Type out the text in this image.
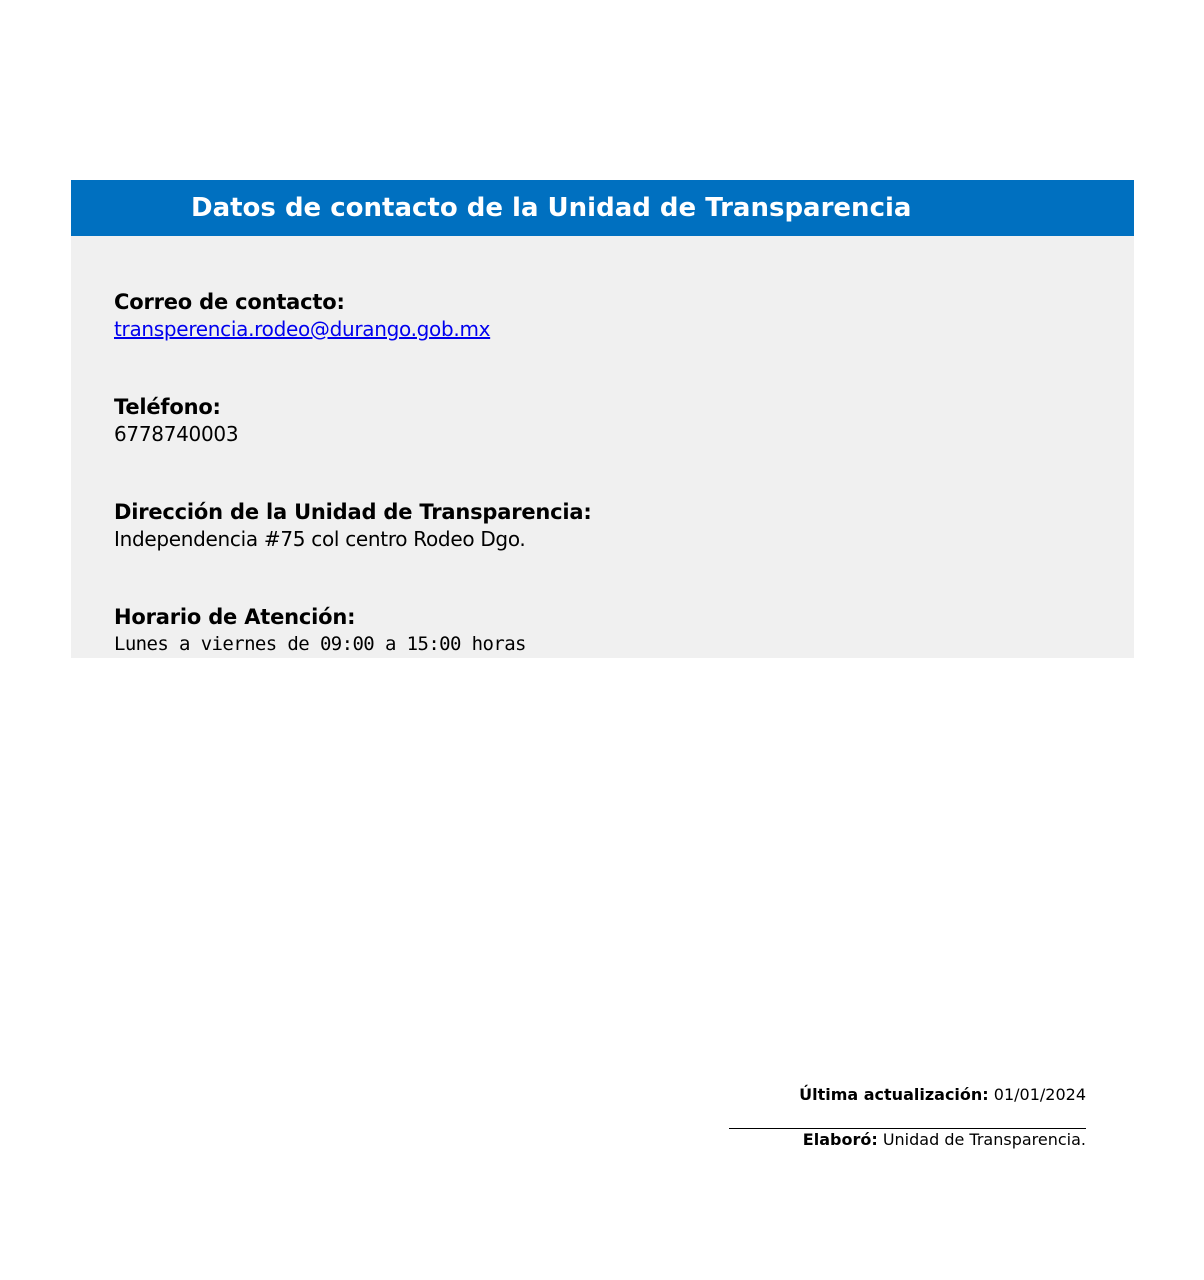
Datos de contacto de la Unidad de Transparencia
Correo de contacto:
transperencia.rodeo@durango.gob.mx
Teléfono:
6778740003
Dirección de la Unidad de Transparencia:
Independencia #75 col centro Rodeo Dgo.
Horario de Atención:
Lunes a viernes de 09:00 a 15:00 horas
Última actualización: 01/01/2024
Elaboró: Unidad de Transparencia.
